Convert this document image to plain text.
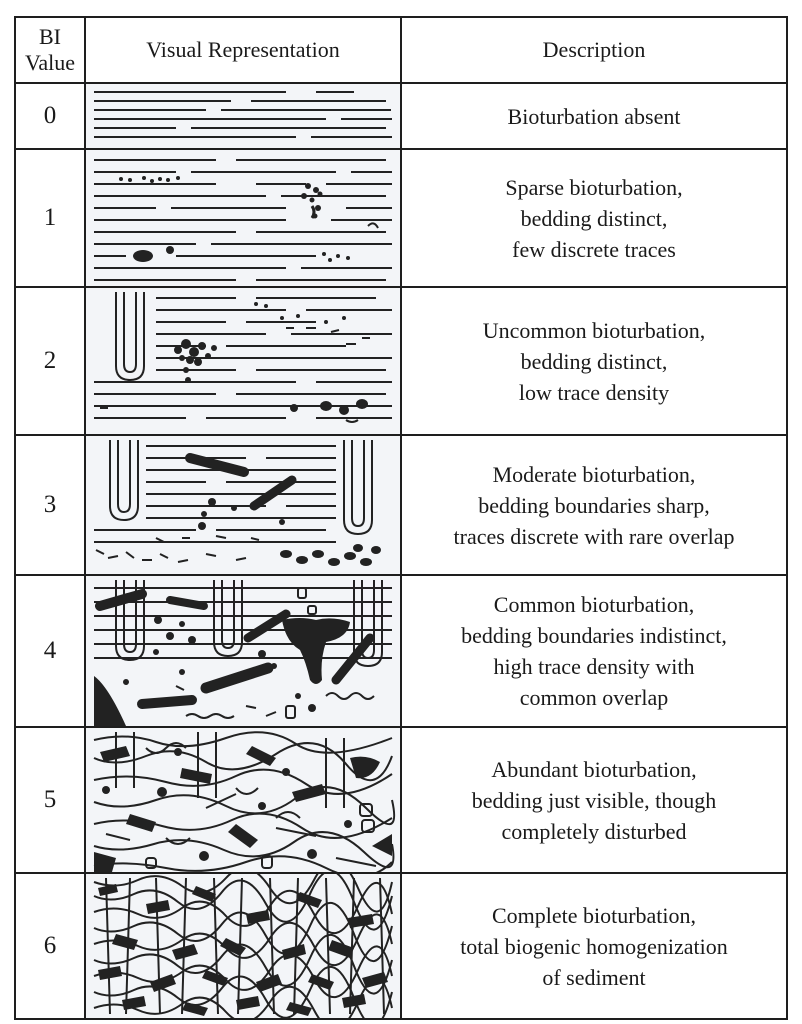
BI
Value	Visual Representation	Description
0		Bioturbation absent

1		Sparse bioturbation,
bedding distinct,
few discrete traces

2		Uncommon bioturbation,
bedding distinct,
low trace density

3		Moderate bioturbation,
bedding boundaries sharp,
traces discrete with rare overlap

4		Common bioturbation,
bedding boundaries indistinct,
high trace density with
common overlap

5		Abundant bioturbation,
bedding just visible, though
completely disturbed

6		Complete bioturbation,
total biogenic homogenization
of sediment
